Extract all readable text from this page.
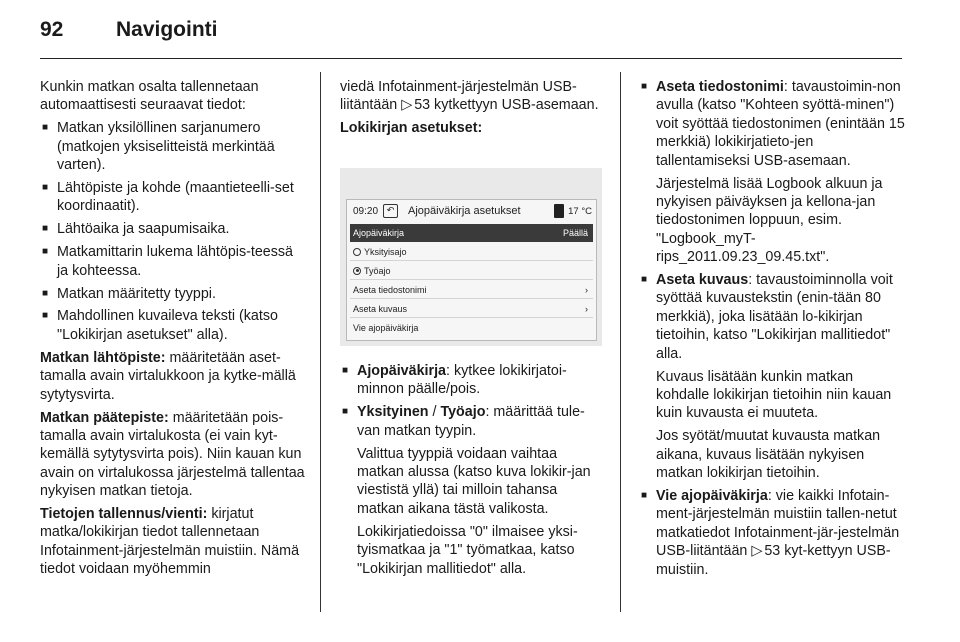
92	Navigointi

Kunkin matkan osalta tallennetaan automaattisesti seuraavat tiedot:

■ Matkan yksilöllinen sarjanumero (matkojen yksiselitteistä merkintää varten).
■ Lähtöpiste ja kohde (maantieteelli-set koordinaatit).
■ Lähtöaika ja saapumisaika.
■ Matkamittarin lukema lähtöpis-teessä ja kohteessa.
■ Matkan määritetty tyyppi.
■ Mahdollinen kuvaileva teksti (katso "Lokikirjan asetukset" alla).

Matkan lähtöpiste: määritetään aset-tamalla avain virtalukkoon ja kytke-mällä sytytysvirta.

Matkan päätepiste: määritetään pois-tamalla avain virtalukosta (ei vain kyt-kemällä sytytysvirta pois). Niin kauan kun avain on virtalukossa järjestelmä tallentaa nykyisen matkan tietoja.

Tietojen tallennus/vienti: kirjatut matka/lokikirjan tiedot tallennetaan Infotainment-järjestelmän muistiin. Nämä tiedot voidaan myöhemmin

viedä Infotainment-järjestelmän USB-liitäntään ▷ 53 kytkettyyn USB-asemaan.

Lokikirjan asetukset:

09:20 ↶	Ajopäiväkirja asetukset	17 °C
Ajopäiväkirja	Päällä
Yksityisajo
Työajo
Aseta tiedostonimi	›
Aseta kuvaus	›
Vie ajopäiväkirja
■ Ajopäiväkirja: kytkee lokikirjatoi-minnon päälle/pois.
■ Yksityinen / Työajo: määrittää tule-van matkan tyypin.
Valittua tyyppiä voidaan vaihtaa matkan alussa (katso kuva lokikir-jan viestistä yllä) tai milloin tahansa matkan aikana tästä valikosta.
Lokikirjatiedoissa "0" ilmaisee yksi-tyismatkaa ja "1" työmatkaa, katso "Lokikirjan mallitiedot" alla.
■ Aseta tiedostonimi: tavaustoimin-non avulla (katso "Kohteen syöttä-minen") voit syöttää tiedostonimen (enintään 15 merkkiä) lokikirjatieto-jen tallentamiseksi USB-asemaan.
Järjestelmä lisää Logbook alkuun ja nykyisen päiväyksen ja kellona-jan tiedostonimen loppuun, esim. "Logbook_myT-rips_2011.09.23_09.45.txt".
■ Aseta kuvaus: tavaustoiminnolla voit syöttää kuvaustekstin (enin-tään 80 merkkiä), joka lisätään lo-kikirjan tietoihin, katso "Lokikirjan mallitiedot" alla.
Kuvaus lisätään kunkin matkan kohdalle lokikirjan tietoihin niin kauan kuin kuvausta ei muuteta.
Jos syötät/muutat kuvausta matkan aikana, kuvaus lisätään nykyisen matkan lokikirjan tietoihin.
■ Vie ajopäiväkirja: vie kaikki Infotain-ment-järjestelmän muistiin tallen-netut matkatiedot Infotainment-jär-jestelmän USB-liitäntään ▷ 53 kyt-kettyyn USB-muistiin.
